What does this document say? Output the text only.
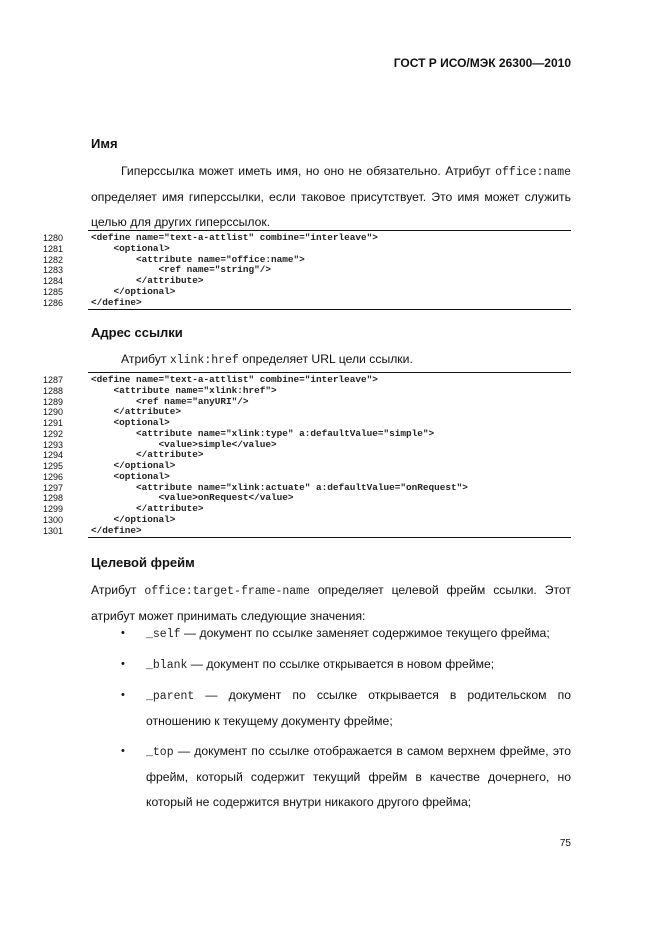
ГОСТ Р ИСО/МЭК 26300—2010
Имя
Гиперссылка может иметь имя, но оно не обязательно. Атрибут office:name определяет имя гиперссылки, если таковое присутствует. Это имя может служить целью для других гиперссылок.
1280	<define name="text-a-attlist" combine="interleave">
1281	<optional>
1282	<attribute name="office:name">
1283	<ref name="string"/>
1284	</attribute>
1285	</optional>
1286	</define>
Адрес ссылки
Атрибут xlink:href определяет URL цели ссылки.
1287	<define name="text-a-attlist" combine="interleave">
1288	<attribute name="xlink:href">
1289	<ref name="anyURI"/>
1290	</attribute>
1291	<optional>
1292	<attribute name="xlink:type" a:defaultValue="simple">
1293	<value>simple</value>
1294	</attribute>
1295	</optional>
1296	<optional>
1297	<attribute name="xlink:actuate" a:defaultValue="onRequest">
1298	<value>onRequest</value>
1299	</attribute>
1300	</optional>
1301	</define>
Целевой фрейм
Атрибут office:target-frame-name определяет целевой фрейм ссылки. Этот атрибут может принимать следующие значения:
• _self — документ по ссылке заменяет содержимое текущего фрейма;
• _blank — документ по ссылке открывается в новом фрейме;
• _parent — документ по ссылке открывается в родительском по отношению к текущему документу фрейме;
• _top — документ по ссылке отображается в самом верхнем фрейме, это фрейм, который содержит текущий фрейм в качестве дочернего, но который не содержится внутри никакого другого фрейма;
75
